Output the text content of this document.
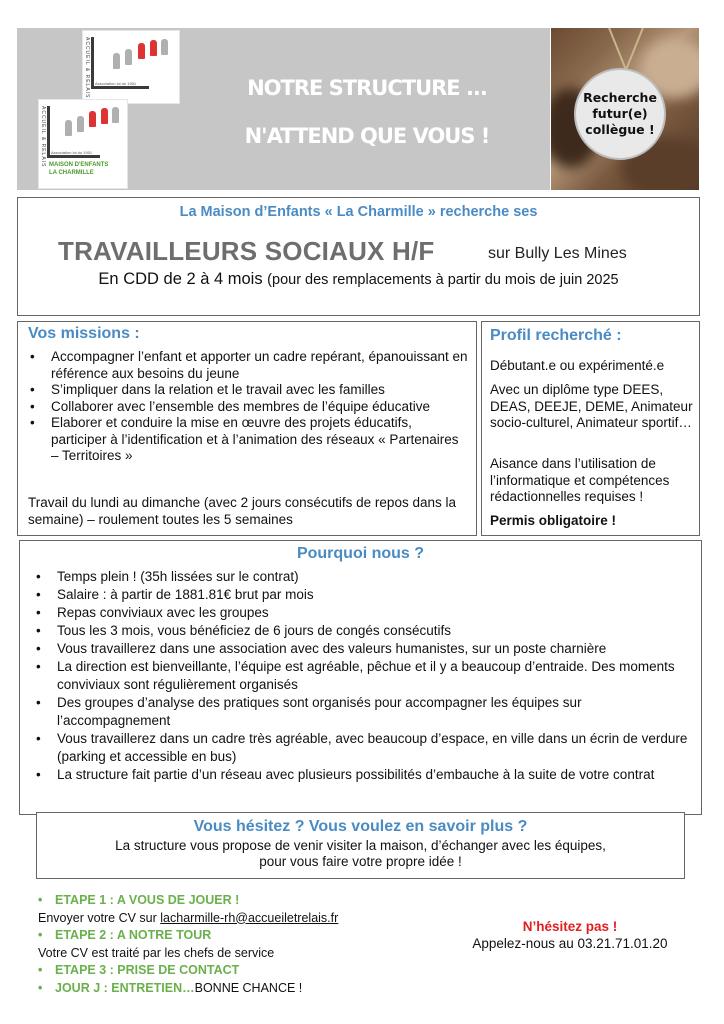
ACCUEIL & RELAIS Association loi du 1901
ACCUEIL & RELAIS Association loi du 1901
MAISON D'ENFANTS
LA CHARMILLE
NOTRE STRUCTURE ...
N'ATTEND QUE VOUS !
Recherche
futur(e)
collègue !
La Maison d’Enfants « La Charmille » recherche ses
TRAVAILLEURS SOCIAUX H/F	sur Bully Les Mines
En CDD de 2 à 4 mois (pour des remplacements à partir du mois de juin 2025
Vos missions :
• Accompagner l’enfant et apporter un cadre repérant, épanouissant en référence aux besoins du jeune
• S’impliquer dans la relation et le travail avec les familles
• Collaborer avec l’ensemble des membres de l’équipe éducative
• Elaborer et conduire la mise en œuvre des projets éducatifs, participer à l’identification et à l’animation des réseaux « Partenaires – Territoires »
Travail du lundi au dimanche (avec 2 jours consécutifs de repos dans la semaine) – roulement toutes les 5 semaines
Profil recherché :
Débutant.e ou expérimenté.e
Avec un diplôme type DEES, DEAS, DEEJE, DEME, Animateur socio-culturel, Animateur sportif…
Aisance dans l’utilisation de l’informatique et compétences rédactionnelles requises !
Permis obligatoire !
Pourquoi nous ?
• Temps plein ! (35h lissées sur le contrat)
• Salaire : à partir de 1881.81€ brut par mois
• Repas conviviaux avec les groupes
• Tous les 3 mois, vous bénéficiez de 6 jours de congés consécutifs
• Vous travaillerez dans une association avec des valeurs humanistes, sur un poste charnière
• La direction est bienveillante, l’équipe est agréable, pêchue et il y a beaucoup d’entraide. Des moments conviviaux sont régulièrement organisés
• Des groupes d’analyse des pratiques sont organisés pour accompagner les équipes sur l’accompagnement
• Vous travaillerez dans un cadre très agréable, avec beaucoup d’espace, en ville dans un écrin de verdure (parking et accessible en bus)
• La structure fait partie d’un réseau avec plusieurs possibilités d’embauche à la suite de votre contrat
Vous hésitez ? Vous voulez en savoir plus ?
La structure vous propose de venir visiter la maison, d’échanger avec les équipes,
pour vous faire votre propre idée !
• ETAPE 1 : A VOUS DE JOUER !
Envoyer votre CV sur lacharmille-rh@accueiletrelais.fr
• ETAPE 2 : A NOTRE TOUR
Votre CV est traité par les chefs de service
• ETAPE 3 : PRISE DE CONTACT
• JOUR J : ENTRETIEN…BONNE CHANCE !
N’hésitez pas !
Appelez-nous au 03.21.71.01.20
